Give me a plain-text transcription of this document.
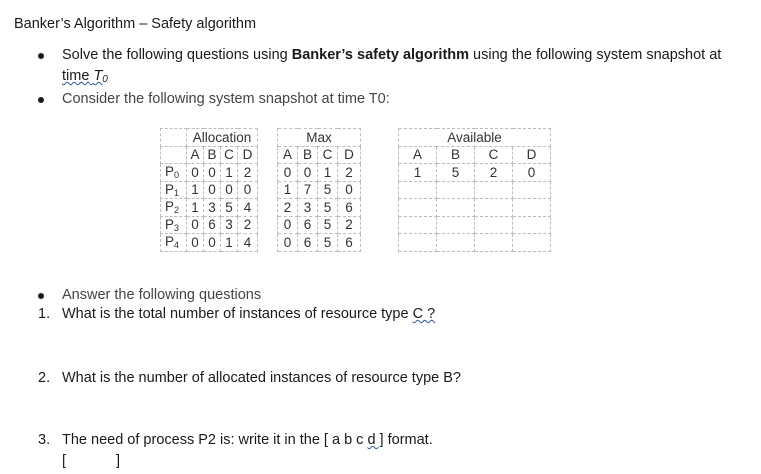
Banker’s Algorithm – Safety algorithm
Solve the following questions using Banker’s safety algorithm using the following system snapshot at
time $T_0$
Consider the following system snapshot at time T0:
	Allocation					Max					Available			
	A	B	C	D		A	B	C	D		A	B	C	D
P0	0	0	1	2		0	0	1	2		1	5	2	0
P1	1	0	0	0		1	7	5	0					
P2	1	3	5	4		2	3	5	6					
P3	0	6	3	2		0	6	5	2					
P4	0	0	1	4		0	6	5	6					
Answer the following questions
1. What is the total number of instances of resource type C ?
2. What is the number of allocated instances of resource type B?
3. The need of process P2 is: write it in the [ a b c d ] format.
[	]
